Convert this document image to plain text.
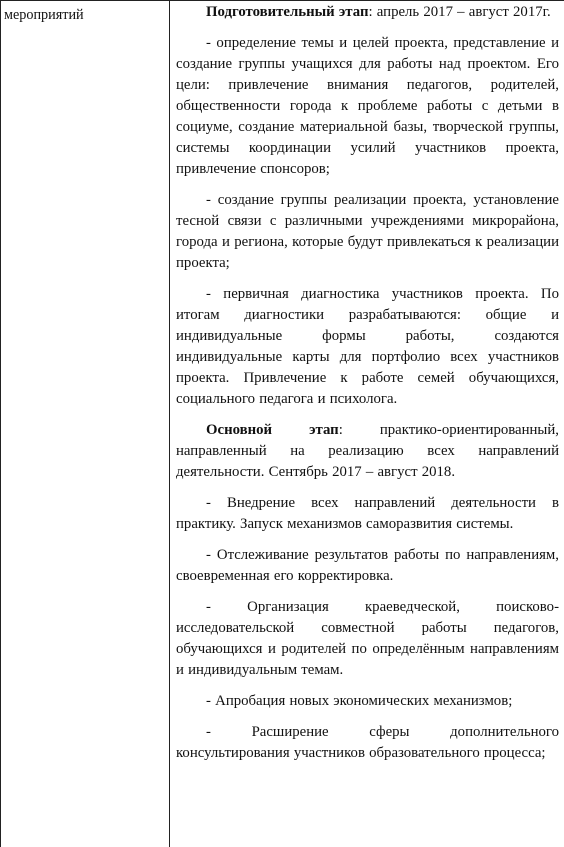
мероприятий	Подготовительный этап: апрель 2017 – август 2017г.

- определение темы и целей проекта, представление и создание группы учащихся для работы над проектом. Его цели: привлечение внимания педагогов, родителей, общественности города к проблеме работы с детьми в социуме, создание материальной базы, творческой группы, системы координации усилий участников проекта, привлечение спонсоров;

- создание группы реализации проекта, установление тесной связи с различными учреждениями микрорайона, города и региона, которые будут привлекаться к реализации проекта;

- первичная диагностика участников проекта. По итогам диагностики разрабатываются: общие и индивидуальные формы работы, создаются индивидуальные карты для портфолио всех участников проекта. Привлечение к работе семей обучающихся, социального педагога и психолога.

Основной этап: практико-ориентированный, направленный на реализацию всех направлений деятельности. Сентябрь 2017 – август 2018.

- Внедрение всех направлений деятельности в практику. Запуск механизмов саморазвития системы.

- Отслеживание результатов работы по направлениям, своевременная его корректировка.

- Организация краеведческой, поисково-исследовательской совместной работы педагогов, обучающихся и родителей по определённым направлениям и индивидуальным темам.

- Апробация новых экономических механизмов;

- Расширение сферы дополнительного консультирования участников образовательного процесса;
